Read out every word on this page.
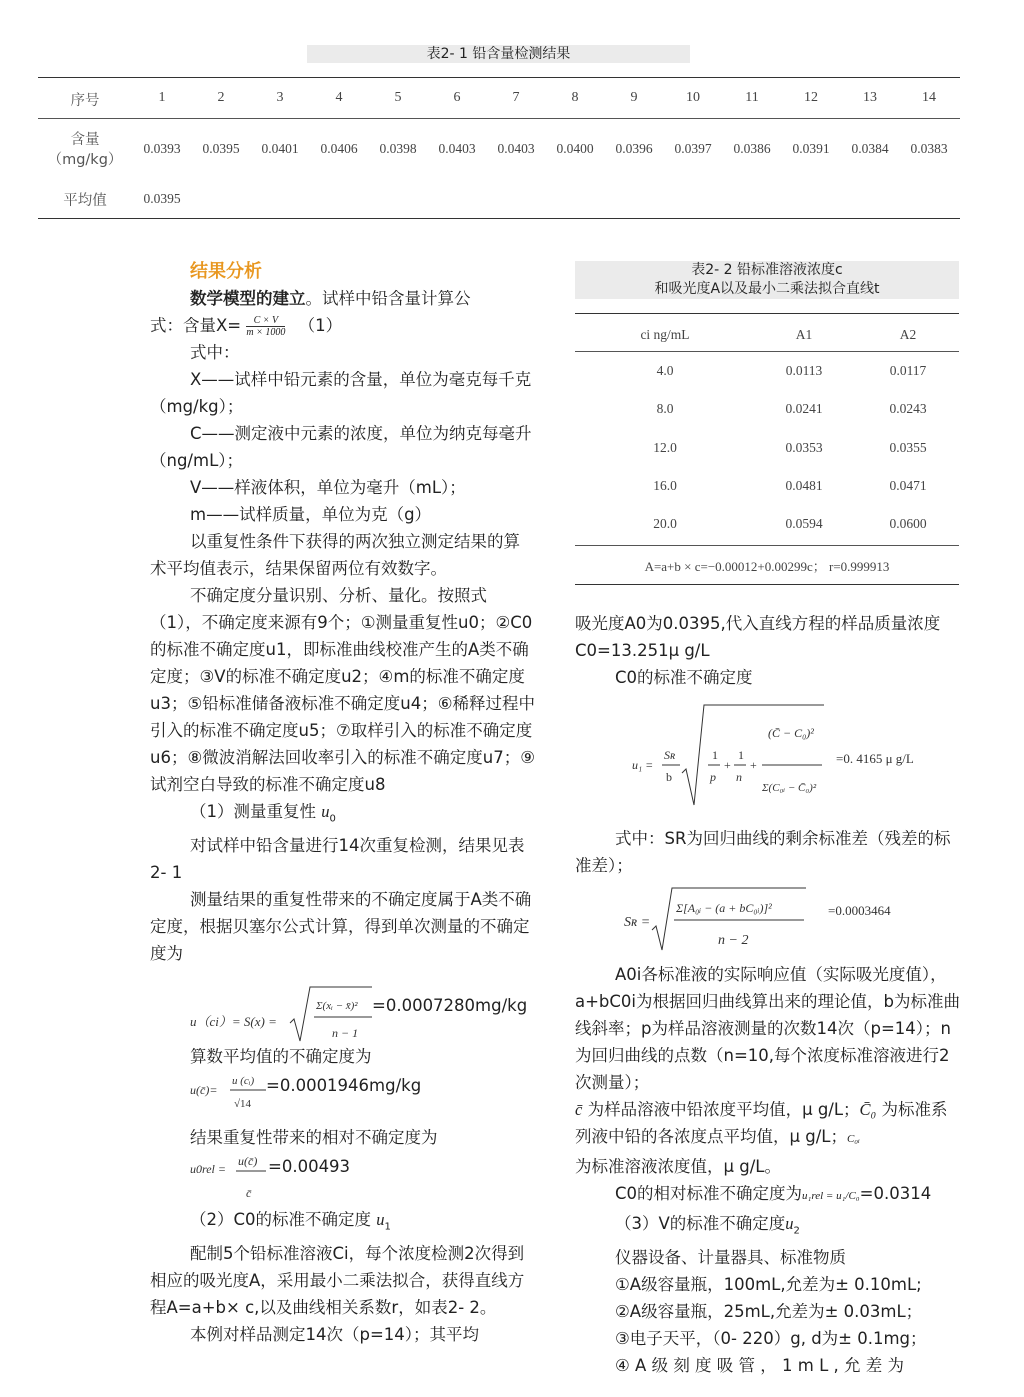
表2- 1 铅含量检测结果
序号	1	2	3	4	5	6	7	8	9	10	11	12	13	14
含量
（mg/kg）
0.0393	0.0395	0.0401	0.0406	0.0398	0.0403	0.0403	0.0400	0.0396	0.0397	0.0386	0.0391	0.0384	0.0383
平均值	0.0395

结果分析

数学模型的建立。试样中铅含量计算公

式：含量$X= \frac{C \times V}{m \times 1000} (1)$

式中：

X——试样中铅元素的含量，单位为毫克每千克（mg/kg）；

C——测定液中元素的浓度，单位为纳克每毫升（ng/mL）；

V——样液体积，单位为毫升（mL）；

m——试样质量，单位为克（g）

以重复性条件下获得的两次独立测定结果的算术平均值表示，结果保留两位有效数字。

不确定度分量识别、分析、量化。按照式（1），不确定度来源有9个；①测量重复性u0；②C0的标准不确定度u1，即标准曲线校准产生的A类不确定度；③V的标准不确定度u2；④m的标准不确定度u3；⑤铅标准储备液标准不确定度u4；⑥稀释过程中引入的标准不确定度u5；⑦取样引入的标准不确定度u6；⑧微波消解法回收率引入的标准不确定度u7；⑨试剂空白导致的标准不确定度u8

（1）测量重复性 $u_0$

对试样中铅含量进行14次重复检测，结果见表2- 1

测量结果的重复性带来的不确定度属于A类不确定度，根据贝塞尔公式计算，得到单次测量的不确定度为

u（ci）= S(x) =
Σ(xᵢ − x̄)²
n − 1
=0.0007280mg/kg

算数平均值的不确定度为

u(c̄)=
u (cᵢ)
√14
=0.0001946mg/kg

结果重复性带来的相对不确定度为

u0rel =
u(c̄)
c̄
=0.00493

（2）C0的标准不确定度 $u_1$

配制5个铅标准溶液Ci，每个浓度检测2次得到相应的吸光度A，采用最小二乘法拟合，获得直线方程A=a+b× c,以及曲线相关系数r，如表2- 2。

本例对样品测定14次（p=14）；其平均

表2- 2 铅标准溶液浓度c
和吸光度A以及最小二乘法拟合直线t
ci ng/mL	A1	A2
4.0	0.0113	0.0117
8.0	0.0241	0.0243
12.0	0.0353	0.0355
16.0	0.0481	0.0471
20.0	0.0594	0.0600
A=a+b × c=−0.00012+0.00299c； r=0.999913

吸光度A0为0.0395,代入直线方程的样品质量浓度C0=13.251μ g/L

C0的标准不确定度

u₁ =
Sʀ
b
1
p
+
1
n
+
(C̄ − C₀)²
Σ(C₀ᵢ − C̄₀)²
=0. 4165 μ g/L

式中：SR为回归曲线的剩余标准差（残差的标准差）；

Sʀ =
Σ[A₀ᵢ − (a + bC₀ᵢ)]²
n − 2
=0.0003464

A0i各标准液的实际响应值（实际吸光度值），a+bC0i为根据回归曲线算出来的理论值，b为标准曲线斜率；p为样品溶液测量的次数14次（p=14）；n为回归曲线的点数（n=10,每个浓度标准溶液进行2次测量）；

c̄ 为样品溶液中铅浓度平均值，μ g/L；C̄₀ 为标准系列液中铅的各浓度点平均值，μ g/L；C₀ᵢ

为标准溶液浓度值，μ g/L。

C0的相对标准不确定度为u₁rel = u₁/C₀=0.0314

（3）V的标准不确定度$u_2$

仪器设备、计量器具、标准物质

①A级容量瓶，100mL,允差为± 0.10mL;

②A级容量瓶，25mL,允差为± 0.03mL；

③电子天平，（0- 220）g, d为± 0.1mg；

④ A 级 刻 度 吸 管 ， 1 m L , 允 差 为
